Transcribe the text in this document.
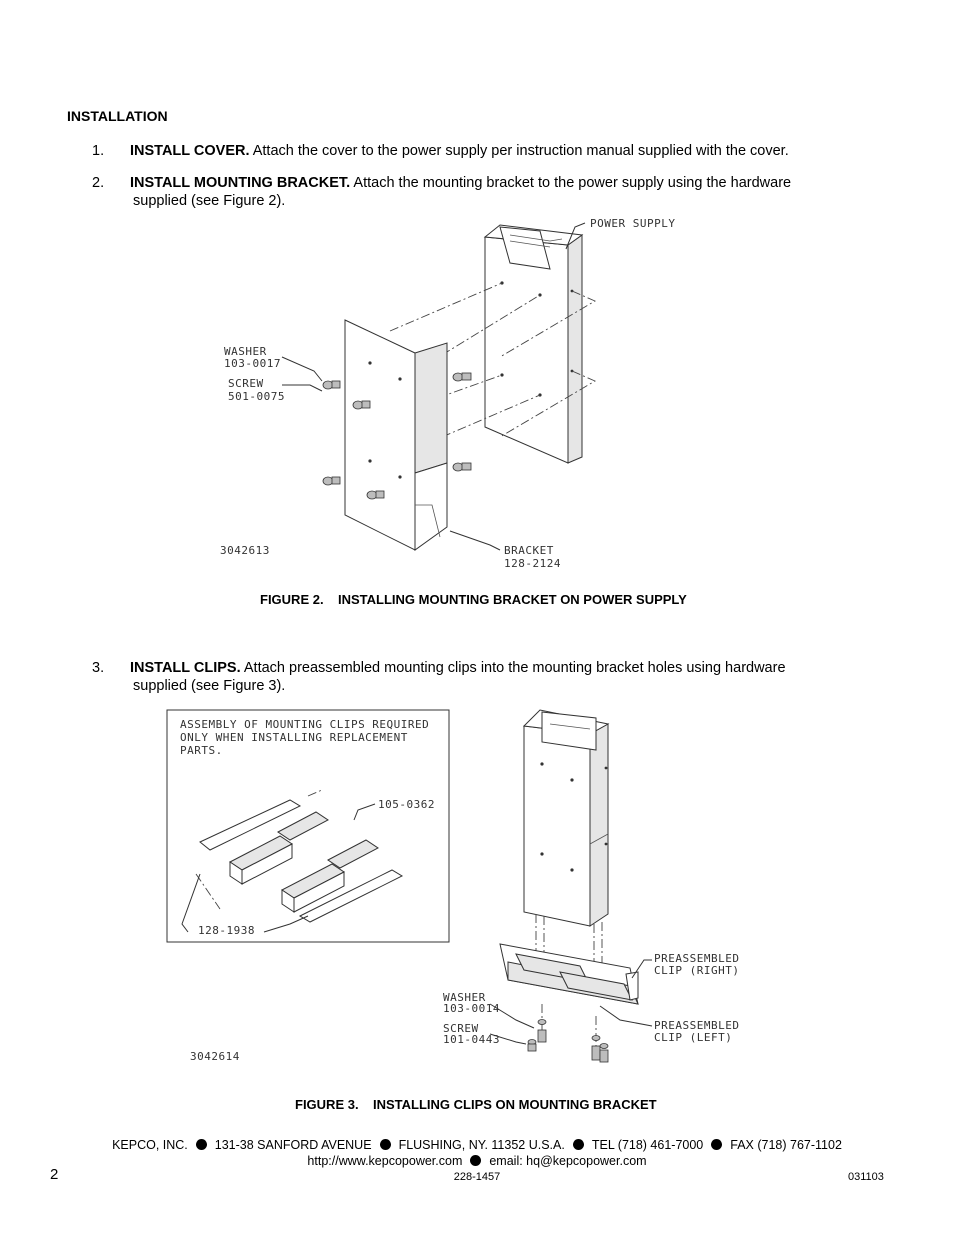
INSTALLATION
1. INSTALL COVER. Attach the cover to the power supply per instruction manual supplied with the cover.
2. INSTALL MOUNTING BRACKET. Attach the mounting bracket to the power supply using the hardware
supplied (see Figure 2).
POWER SUPPLY
WASHER
103-0017
SCREW
501-0075
BRACKET
128-2124
3042613
FIGURE 2.    INSTALLING MOUNTING BRACKET ON POWER SUPPLY
3. INSTALL CLIPS. Attach preassembled mounting clips into the mounting bracket holes using hardware
supplied (see Figure 3).
ASSEMBLY OF MOUNTING CLIPS REQUIRED
ONLY WHEN INSTALLING REPLACEMENT
PARTS.
105-0362
128-1938
PREASSEMBLED
CLIP (RIGHT)
PREASSEMBLED
CLIP (LEFT)
WASHER
103-0014
SCREW
101-0443
3042614
FIGURE 3.    INSTALLING CLIPS ON MOUNTING BRACKET
KEPCO, INC. 131-38 SANFORD AVENUE FLUSHING, NY. 11352 U.S.A. TEL (718) 461-7000 FAX (718) 767-1102
http://www.kepcopower.com email: hq@kepcopower.com
2	228-1457	031103
